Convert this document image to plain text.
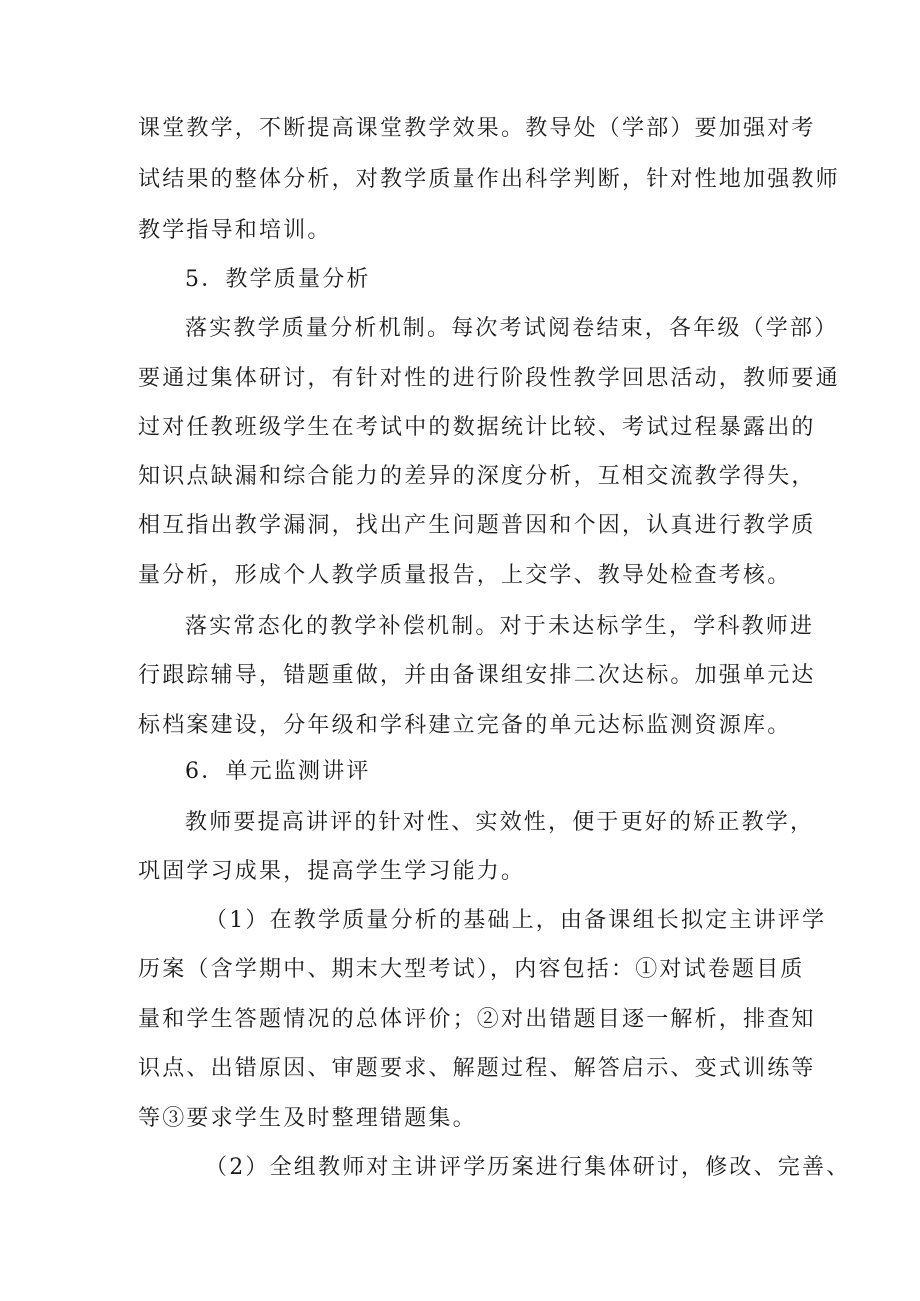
课堂教学，不断提高课堂教学效果。教导处（学部）要加强对考
试结果的整体分析，对教学质量作出科学判断，针对性地加强教师
教学指导和培训。
5．教学质量分析
落实教学质量分析机制。每次考试阅卷结束，各年级（学部）
要通过集体研讨，有针对性的进行阶段性教学回思活动，教师要通
过对任教班级学生在考试中的数据统计比较、考试过程暴露出的
知识点缺漏和综合能力的差异的深度分析，互相交流教学得失，
相互指出教学漏洞，找出产生问题普因和个因，认真进行教学质
量分析，形成个人教学质量报告，上交学、教导处检查考核。
落实常态化的教学补偿机制。对于未达标学生，学科教师进
行跟踪辅导，错题重做，并由备课组安排二次达标。加强单元达
标档案建设，分年级和学科建立完备的单元达标监测资源库。
6．单元监测讲评
教师要提高讲评的针对性、实效性，便于更好的矫正教学，
巩固学习成果，提高学生学习能力。
（1）在教学质量分析的基础上，由备课组长拟定主讲评学
历案（含学期中、期末大型考试），内容包括：①对试卷题目质
量和学生答题情况的总体评价；②对出错题目逐一解析，排查知
识点、出错原因、审题要求、解题过程、解答启示、变式训练等
等③要求学生及时整理错题集。
（2）全组教师对主讲评学历案进行集体研讨，修改、完善、
